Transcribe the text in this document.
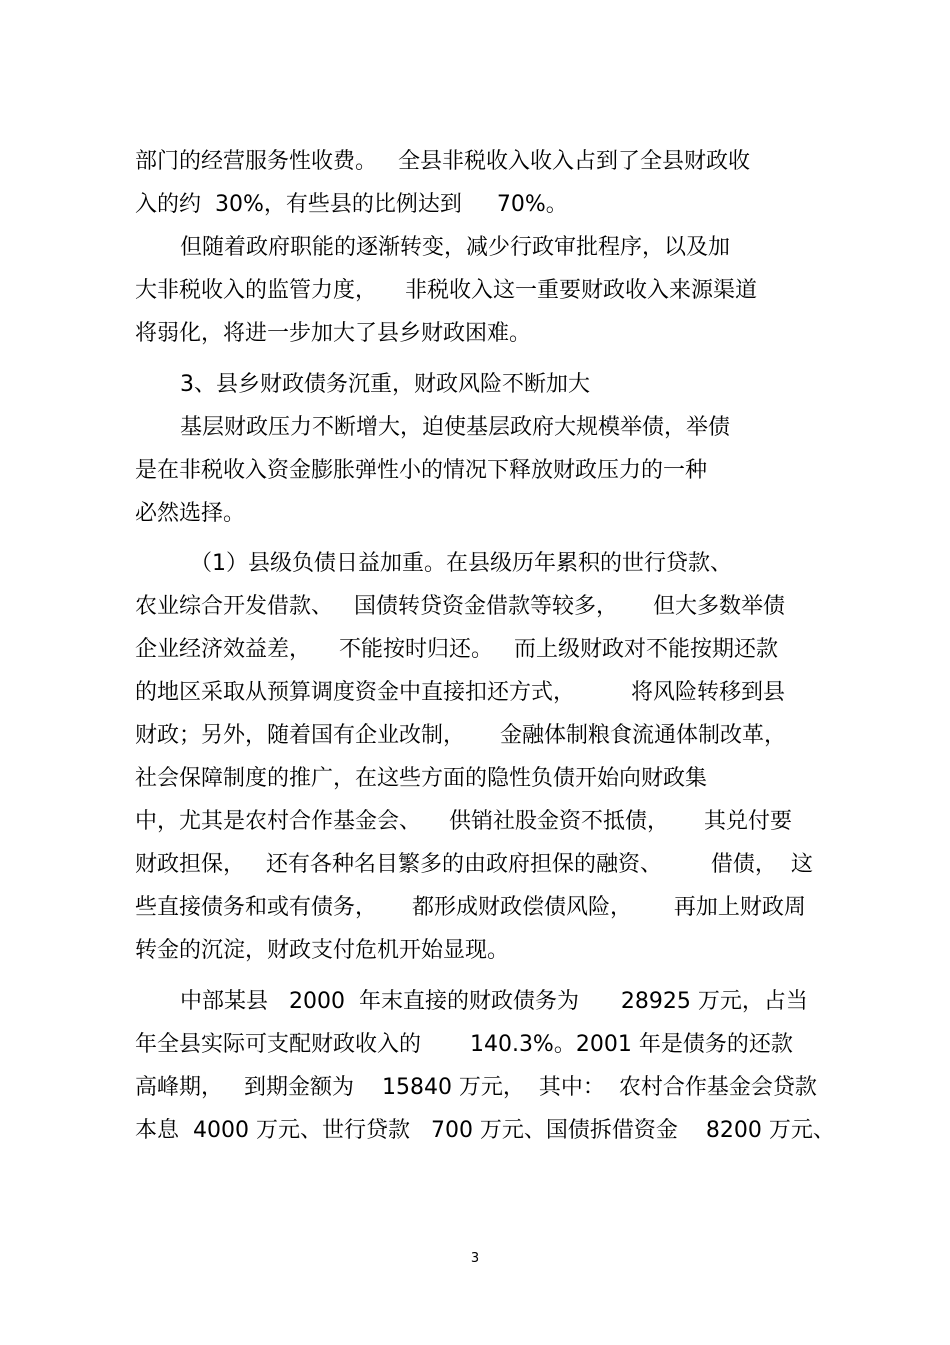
部门的经营服务性收费。   全县非税收入收入占到了全县财政收
入的约  30%，有些县的比例达到     70%。
但随着政府职能的逐渐转变，减少行政审批程序，以及加
大非税收入的监管力度，    非税收入这一重要财政收入来源渠道
将弱化，将进一步加大了县乡财政困难。
3、县乡财政债务沉重，财政风险不断加大
基层财政压力不断增大，迫使基层政府大规模举债，举债
是在非税收入资金膨胀弹性小的情况下释放财政压力的一种
必然选择。
（1）县级负债日益加重。在县级历年累积的世行贷款、
农业综合开发借款、   国债转贷资金借款等较多，     但大多数举债
企业经济效益差，    不能按时归还。   而上级财政对不能按期还款
的地区采取从预算调度资金中直接扣还方式，        将风险转移到县
财政；另外，随着国有企业改制，     金融体制粮食流通体制改革，
社会保障制度的推广，在这些方面的隐性负债开始向财政集
中，尤其是农村合作基金会、    供销社股金资不抵债，     其兑付要
财政担保，   还有各种名目繁多的由政府担保的融资、       借债，  这
些直接债务和或有债务，     都形成财政偿债风险，      再加上财政周
转金的沉淀，财政支付危机开始显现。
中部某县   2000  年末直接的财政债务为      28925 万元，占当
年全县实际可支配财政收入的       140.3%。2001 年是债务的还款
高峰期，   到期金额为    15840 万元，  其中：  农村合作基金会贷款
本息  4000 万元、世行贷款   700 万元、国债拆借资金    8200 万元、
3
